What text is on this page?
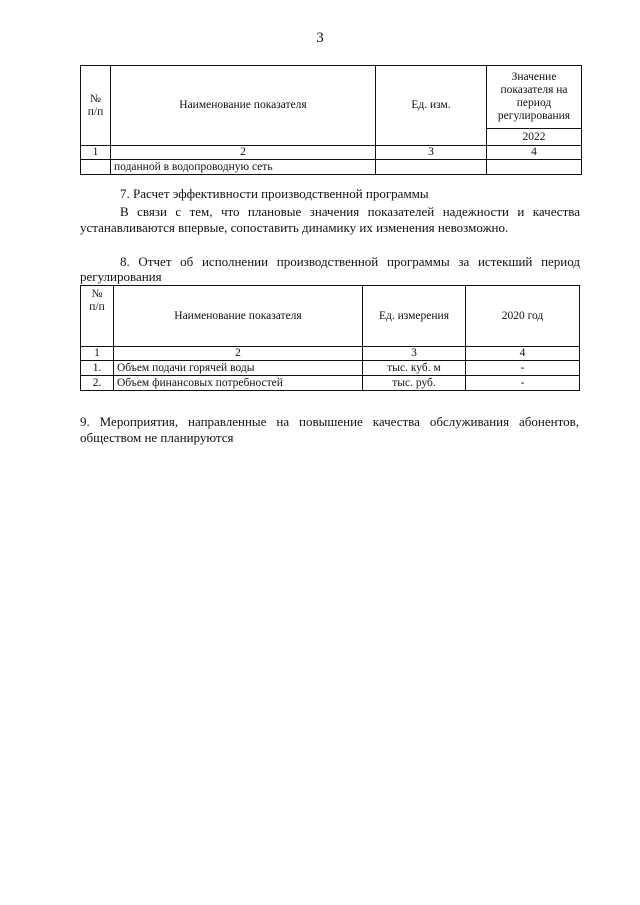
3
№
п/п	Наименование показателя	Ед. изм.	Значение показателя на период регулирования
			2022
1	2	3	4
	поданной в водопроводную сеть		

7. Расчет эффективности производственной программы

В связи с тем, что плановые значения показателей надежности и качества

устанавливаются впервые, сопоставить динамику их изменения невозможно.

8. Отчет об исполнении производственной программы за истекший период

регулирования

№
п/п	Наименование показателя	Ед. измерения	2020 год
1	2	3	4
1.	Объем подачи горячей воды	тыс. куб. м	-
2.	Объем финансовых потребностей	тыс. руб.	-

9. Мероприятия, направленные на повышение качества обслуживания абонентов,

обществом не планируются
